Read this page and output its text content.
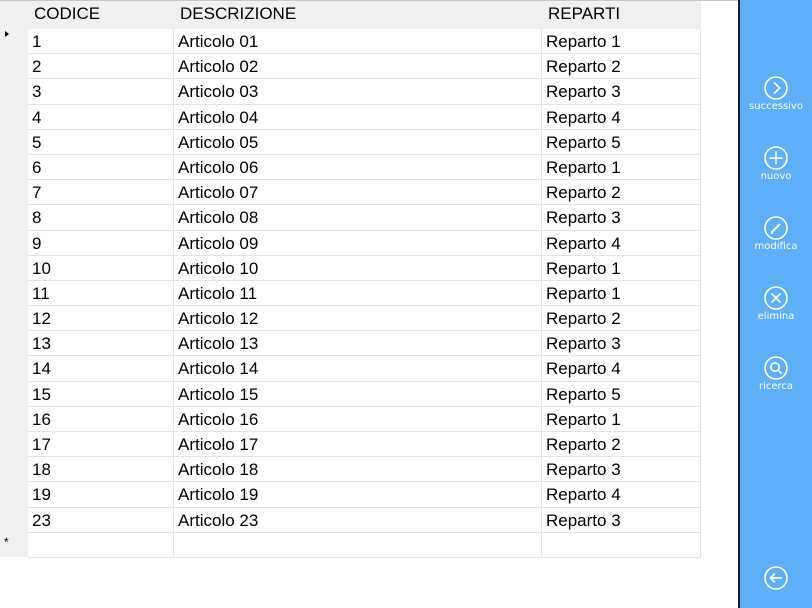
*
CODICE	DESCRIZIONE	REPARTI
1	Articolo 01	Reparto 1
2	Articolo 02	Reparto 2
3	Articolo 03	Reparto 3
4	Articolo 04	Reparto 4
5	Articolo 05	Reparto 5
6	Articolo 06	Reparto 1
7	Articolo 07	Reparto 2
8	Articolo 08	Reparto 3
9	Articolo 09	Reparto 4
10	Articolo 10	Reparto 1
11	Articolo 11	Reparto 1
12	Articolo 12	Reparto 2
13	Articolo 13	Reparto 3
14	Articolo 14	Reparto 4
15	Articolo 15	Reparto 5
16	Articolo 16	Reparto 1
17	Articolo 17	Reparto 2
18	Articolo 18	Reparto 3
19	Articolo 19	Reparto 4
23	Articolo 23	Reparto 3
successivo
nuovo
modifica
elimina
ricerca
